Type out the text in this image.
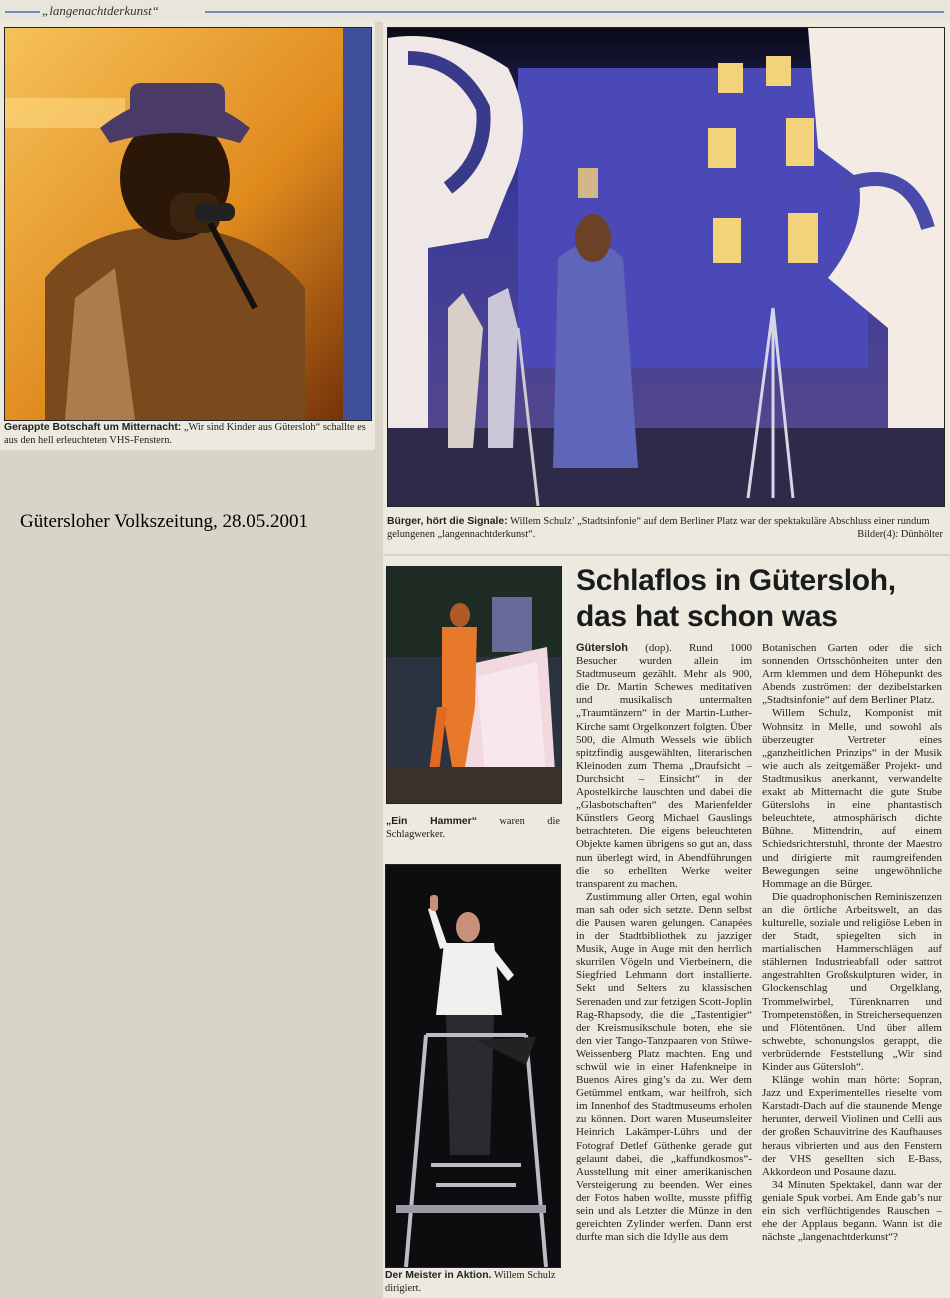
„langenachtderkunst“
Gerappte Botschaft um Mitternacht: „Wir sind Kinder aus Gütersloh“ schallte es aus den hell erleuchteten VHS-Fenstern.
Gütersloher Volkszeitung, 28.05.2001	Bürger, hört die Signale: Willem Schulz’ „Stadtsinfonie“ auf dem Berliner Platz war der spektakuläre Abschluss einer rundum gelungenen „langennachtderkunst“.	Bilder(4): Dünhölter
„Ein Hammer“ waren die Schlagwerker.
Der Meister in Aktion. Willem Schulz dirigiert.
Schlaflos in Gütersloh,
das hat schon was

Gütersloh (dop). Rund 1000 Besucher wurden allein im Stadtmuseum gezählt. Mehr als 900, die Dr. Martin Schewes meditativen und musikalisch untermalten „Traumtänzern“ in der Martin-Luther-Kirche samt Orgelkonzert folgten. Über 500, die Almuth Wessels wie üblich spitzfindig ausgewählten, literarischen Kleinoden zum Thema „Draufsicht – Durchsicht – Einsicht“ in der Apostelkirche lauschten und dabei die „Glasbotschaften“ des Marienfelder Künstlers Georg Michael Gauslings betrachteten. Die eigens beleuchteten Objekte kamen übrigens so gut an, dass nun überlegt wird, in Abendführungen die so erhellten Werke weiter transparent zu machen.

Zustimmung aller Orten, egal wohin man sah oder sich setzte. Denn selbst die Pausen waren gelungen. Canapées in der Stadtbibliothek zu jazziger Musik, Auge in Auge mit den herrlich skurrilen Vögeln und Vierbeinern, die Siegfried Lehmann dort installierte. Sekt und Selters zu klassischen Serenaden und zur fetzigen Scott-Joplin Rag-Rhapsody, die die „Tastentigier“ der Kreismusikschule boten, ehe sie den vier Tango-Tanzpaaren von Stüwe-Weissenberg Platz machten. Eng und schwül wie in einer Hafenkneipe in Buenos Aires ging’s da zu. Wer dem Getümmel entkam, war heilfroh, sich im Innenhof des Stadtmuseums erholen zu können. Dort waren Museumsleiter Heinrich Lakämper-Lührs und der Fotograf Detlef Güthenke gerade gut gelaunt dabei, die „kaffundkosmos“-Ausstellung mit einer amerikanischen Versteigerung zu beenden. Wer eines der Fotos haben wollte, musste pfiffig sein und als Letzter die Münze in den gereichten Zylinder werfen. Dann erst durfte man sich die Idylle aus dem

Botanischen Garten oder die sich sonnenden Ortsschönheiten unter den Arm klemmen und dem Höhepunkt des Abends zuströmen: der dezibelstarken „Stadtsinfonie“ auf dem Berliner Platz.

Willem Schulz, Komponist mit Wohnsitz in Melle, und sowohl als überzeugter Vertreter eines „ganzheitlichen Prinzips“ in der Musik wie auch als zeitgemäßer Projekt- und Stadtmusikus anerkannt, verwandelte exakt ab Mitternacht die gute Stube Güterslohs in eine phantastisch beleuchtete, atmosphärisch dichte Bühne. Mittendrin, auf einem Schiedsrichterstuhl, thronte der Maestro und dirigierte mit raumgreifenden Bewegungen seine ungewöhnliche Hommage an die Bürger.

Die quadrophonischen Reminiszenzen an die örtliche Arbeitswelt, an das kulturelle, soziale und religiöse Leben in der Stadt, spiegelten sich in martialischen Hammerschlägen auf stählernen Industrieabfall oder sattrot angestrahlten Großskulpturen wider, in Glockenschlag und Orgelklang, Trommelwirbel, Türenknarren und Trompetenstößen, in Streichersequenzen und Flötentönen. Und über allem schwebte, schonungslos gerappt, die verbrüdernde Feststellung „Wir sind Kinder aus Gütersloh“.

Klänge wohin man hörte: Sopran, Jazz und Experimentelles rieselte vom Karstadt-Dach auf die staunende Menge herunter, derweil Violinen und Celli aus der großen Schauvitrine des Kaufhauses heraus vibrierten und aus den Fenstern der VHS gesellten sich E-Bass, Akkordeon und Posaune dazu.

34 Minuten Spektakel, dann war der geniale Spuk vorbei. Am Ende gab’s nur ein sich verflüchtigendes Rauschen – ehe der Applaus begann. Wann ist die nächste „langenachtderkunst“?
